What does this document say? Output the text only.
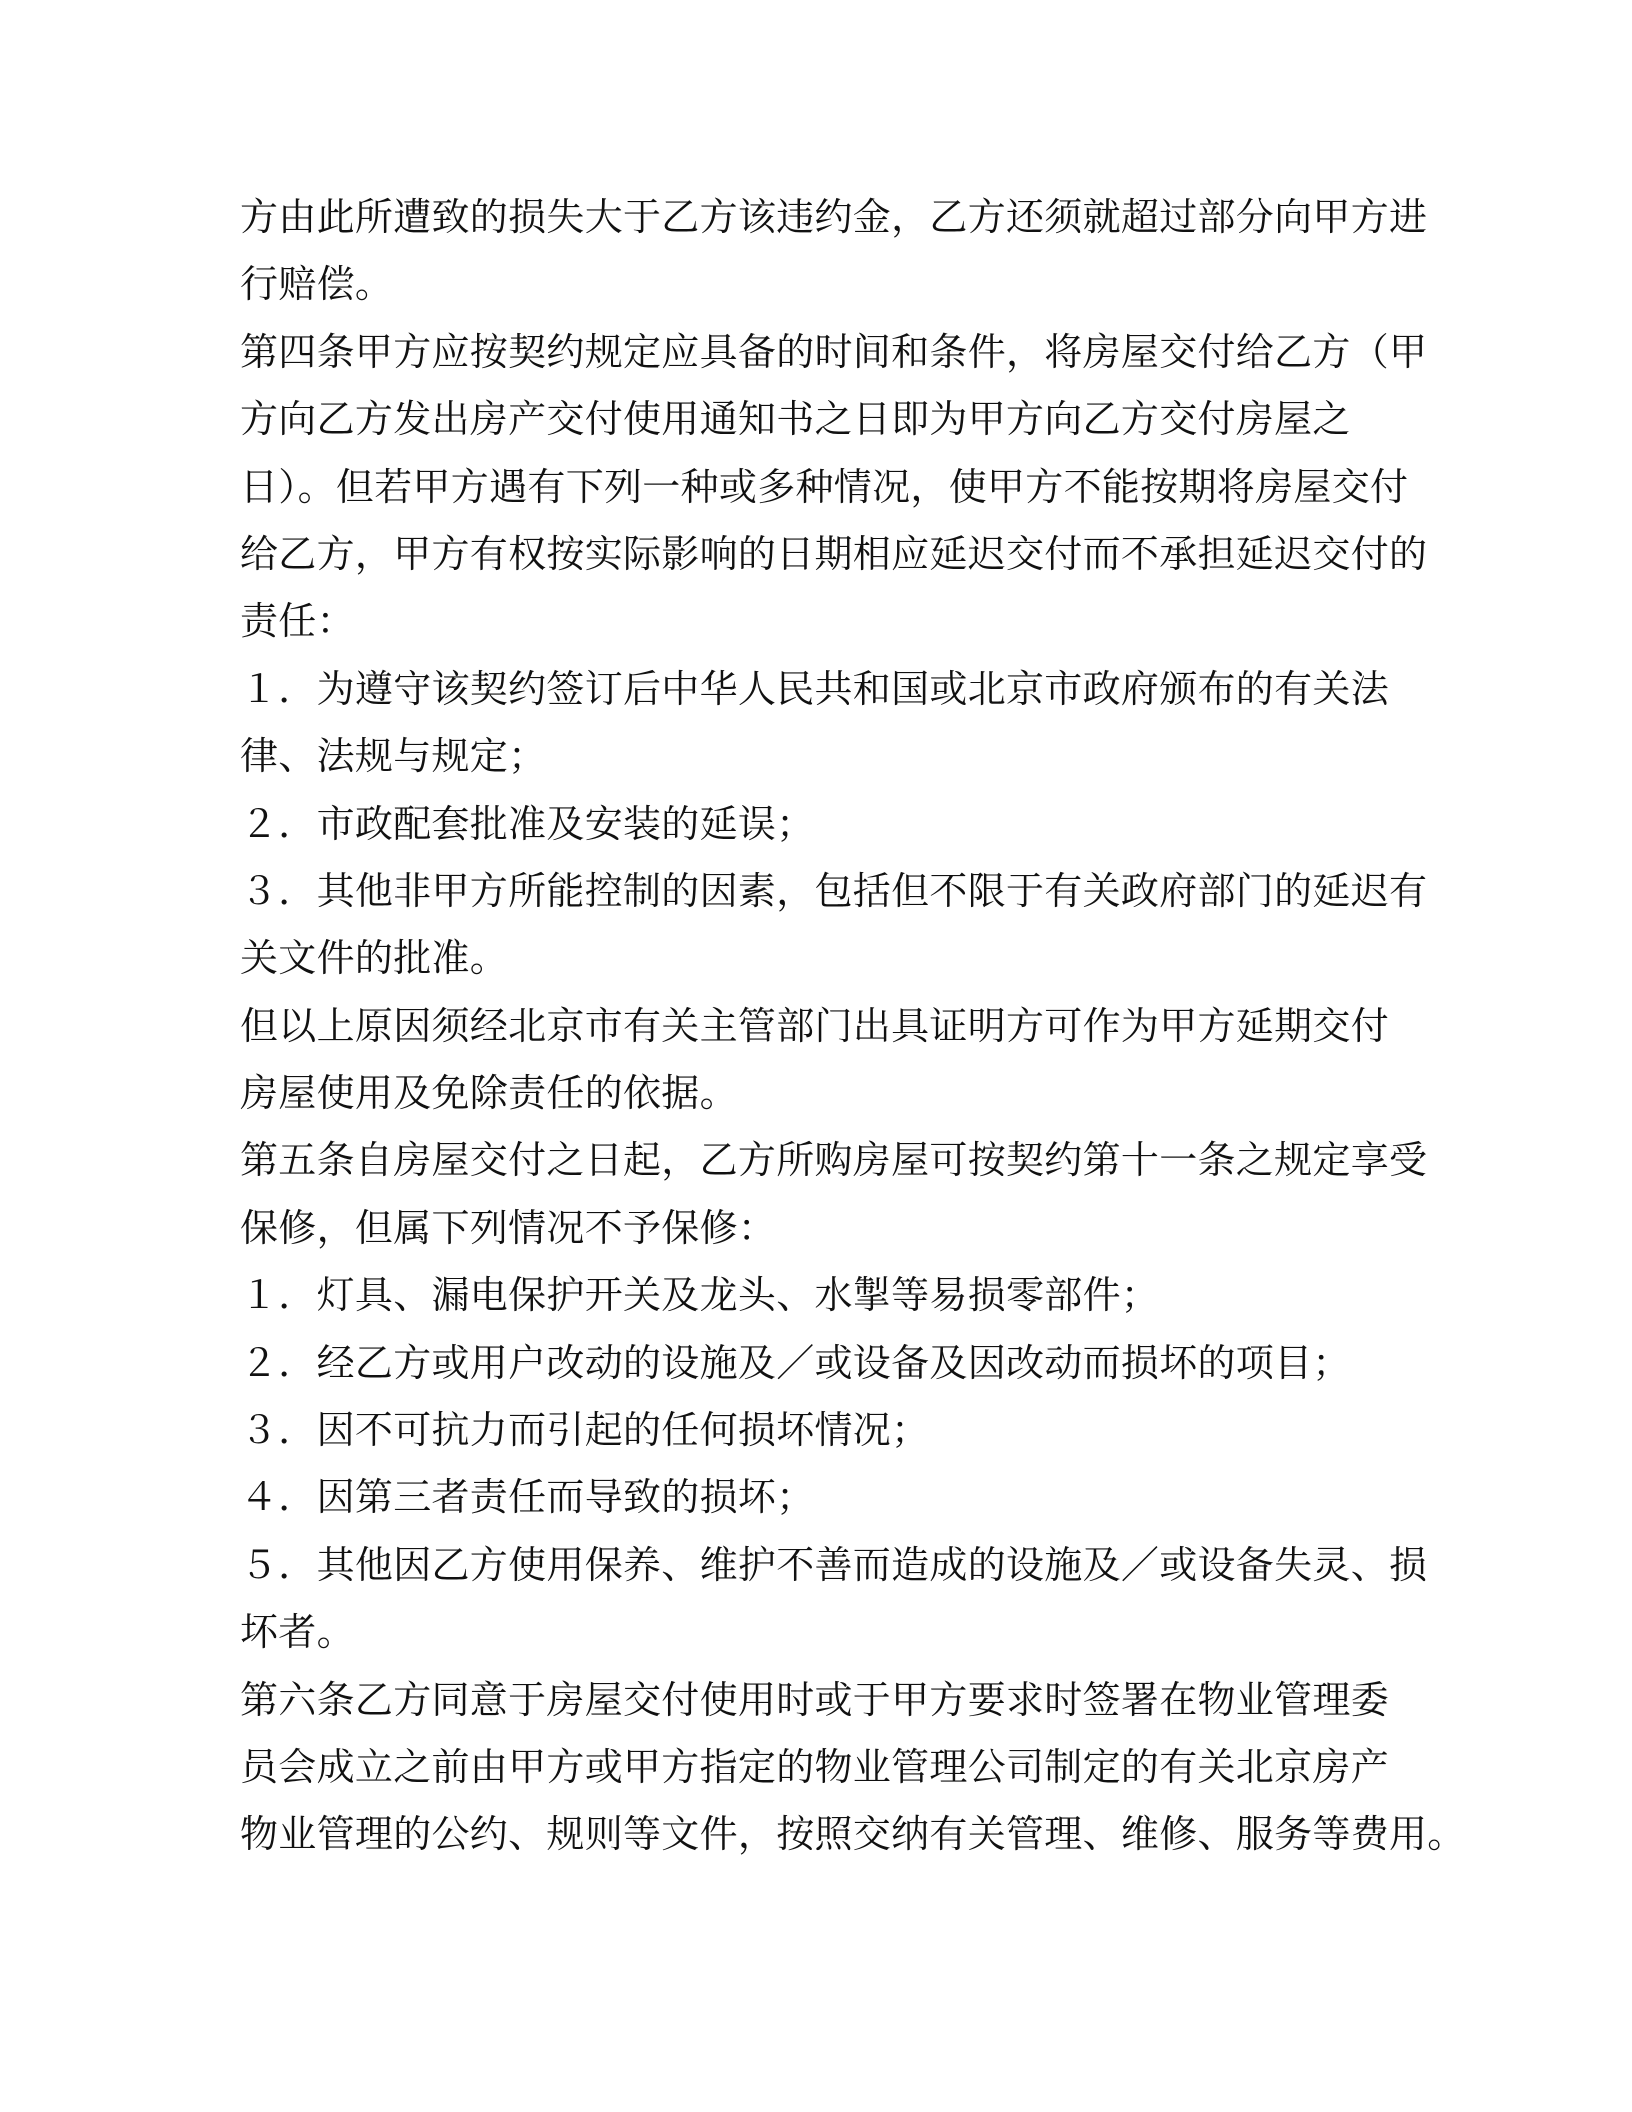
方由此所遭致的损失大于乙方该违约金，乙方还须就超过部分向甲方进
行赔偿。
第四条甲方应按契约规定应具备的时间和条件，将房屋交付给乙方（甲
方向乙方发出房产交付使用通知书之日即为甲方向乙方交付房屋之
日）。但若甲方遇有下列一种或多种情况，使甲方不能按期将房屋交付
给乙方，甲方有权按实际影响的日期相应延迟交付而不承担延迟交付的
责任：
１．为遵守该契约签订后中华人民共和国或北京市政府颁布的有关法
律、法规与规定；
２．市政配套批准及安装的延误；
３．其他非甲方所能控制的因素，包括但不限于有关政府部门的延迟有
关文件的批准。
但以上原因须经北京市有关主管部门出具证明方可作为甲方延期交付
房屋使用及免除责任的依据。
第五条自房屋交付之日起，乙方所购房屋可按契约第十一条之规定享受
保修，但属下列情况不予保修：
１．灯具、漏电保护开关及龙头、水掣等易损零部件；
２．经乙方或用户改动的设施及／或设备及因改动而损坏的项目；
３．因不可抗力而引起的任何损坏情况；
４．因第三者责任而导致的损坏；
５．其他因乙方使用保养、维护不善而造成的设施及／或设备失灵、损
坏者。
第六条乙方同意于房屋交付使用时或于甲方要求时签署在物业管理委
员会成立之前由甲方或甲方指定的物业管理公司制定的有关北京房产
物业管理的公约、规则等文件，按照交纳有关管理、维修、服务等费用。
